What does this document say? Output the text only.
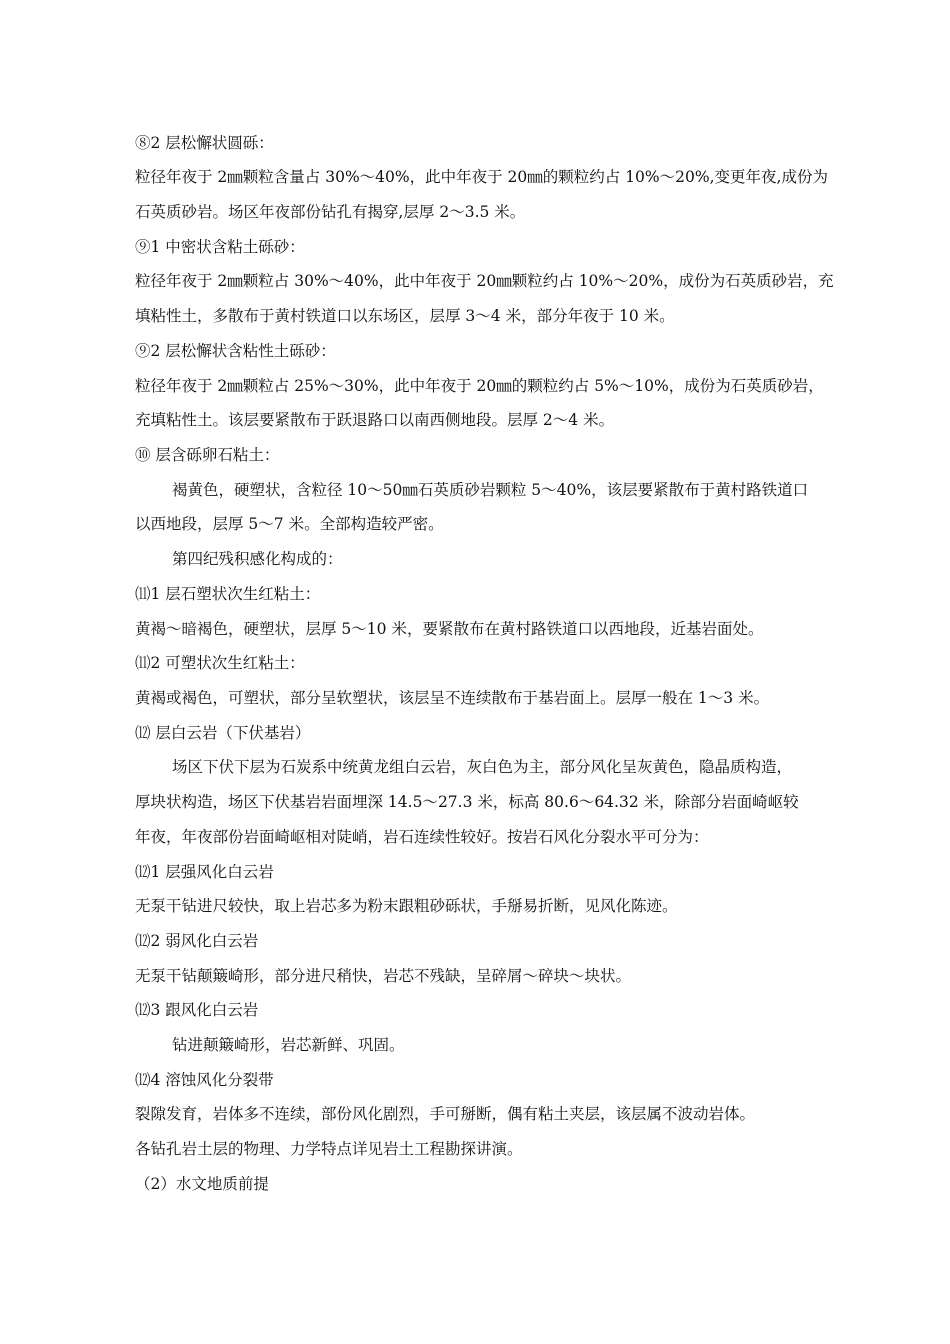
⑧2 层松懈状圆砾：

粒径年夜于 2㎜颗粒含量占 30%～40%，此中年夜于 20㎜的颗粒约占 10%～20%,变更年夜,成份为

石英质砂岩。场区年夜部份钻孔有揭穿,层厚 2～3.5 米。

⑨1 中密状含粘土砾砂：

粒径年夜于 2㎜颗粒占 30%～40%，此中年夜于 20㎜颗粒约占 10%～20%，成份为石英质砂岩，充

填粘性土，多散布于黄村铁道口以东场区，层厚 3～4 米，部分年夜于 10 米。

⑨2 层松懈状含粘性土砾砂：

粒径年夜于 2㎜颗粒占 25%～30%，此中年夜于 20㎜的颗粒约占 5%～10%，成份为石英质砂岩，

充填粘性土。该层要紧散布于跃退路口以南西侧地段。层厚 2～4 米。

⑩ 层含砾卵石粘土：

褐黄色，硬塑状，含粒径 10～50㎜石英质砂岩颗粒 5～40%，该层要紧散布于黄村路铁道口

以西地段，层厚 5～7 米。全部构造较严密。

第四纪残积感化构成的：

⑾1 层石塑状次生红粘土：

黄褐～暗褐色，硬塑状，层厚 5～10 米，要紧散布在黄村路铁道口以西地段，近基岩面处。

⑾2 可塑状次生红粘土：

黄褐或褐色，可塑状，部分呈软塑状，该层呈不连续散布于基岩面上。层厚一般在 1～3 米。

⑿ 层白云岩（下伏基岩）

场区下伏下层为石炭系中统黄龙组白云岩，灰白色为主，部分风化呈灰黄色，隐晶质构造，

厚块状构造，场区下伏基岩岩面埋深 14.5～27.3 米，标高 80.6～64.32 米，除部分岩面崎岖较

年夜，年夜部份岩面崎岖相对陡峭，岩石连续性较好。按岩石风化分裂水平可分为：

⑿1 层强风化白云岩

无泵干钻进尺较快，取上岩芯多为粉末跟粗砂砾状，手掰易折断，见风化陈迹。

⑿2 弱风化白云岩

无泵干钻颠簸崎形，部分进尺稍快，岩芯不残缺，呈碎屑～碎块～块状。

⑿3 跟风化白云岩

钻进颠簸崎形，岩芯新鲜、巩固。

⑿4 溶蚀风化分裂带

裂隙发育，岩体多不连续，部份风化剧烈，手可掰断，偶有粘土夹层，该层属不波动岩体。

各钻孔岩土层的物理、力学特点详见岩土工程勘探讲演。

（2）水文地质前提
